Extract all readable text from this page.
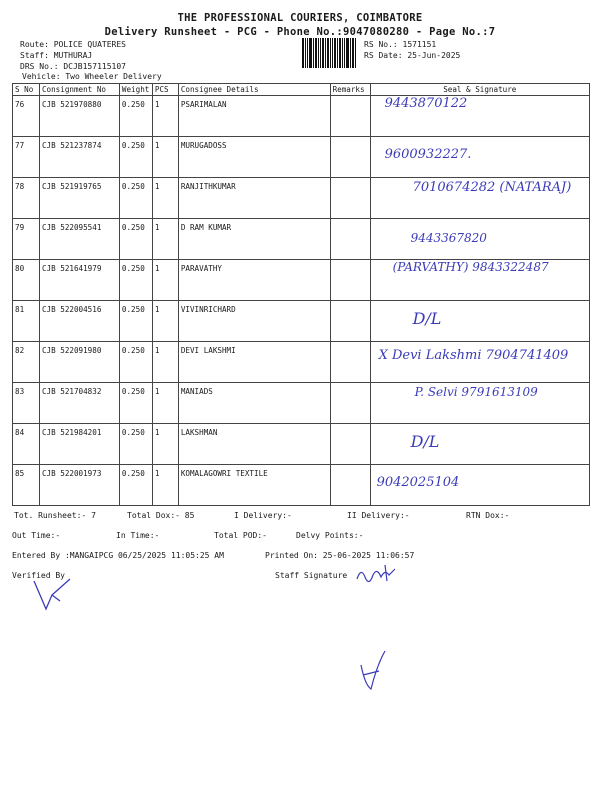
THE PROFESSIONAL COURIERS, COIMBATORE
Delivery Runsheet - PCG - Phone No.:9047080280 - Page No.:7
Route: POLICE QUATERES
Staff: MUTHURAJ
DRS No.: DCJB157115107
Vehicle: Two Wheeler Delivery
RS No.: 1571151
RS Date: 25-Jun-2025
S No	Consignment No	Weight	PCS	Consignee Details	Remarks	Seal & Signature
76	CJB 521970880	0.250	1	PSARIMALAN		9443870122

77	CJB 521237874	0.250	1	MURUGADOSS		9600932227.

78	CJB 521919765	0.250	1	RANJITHKUMAR		7010674282 (NATARAJ)

79	CJB 522095541	0.250	1	D RAM KUMAR		9443367820

80	CJB 521641979	0.250	1	PARAVATHY		(PARVATHY) 9843322487

81	CJB 522004516	0.250	1	VIVINRICHARD		D/L

82	CJB 522091980	0.250	1	DEVI LAKSHMI		X Devi Lakshmi 7904741409

83	CJB 521704832	0.250	1	MANIADS		P. Selvi 9791613109

84	CJB 521984201	0.250	1	LAKSHMAN		D/L

85	CJB 522001973	0.250	1	KOMALAGOWRI TEXTILE		9042025104
Tot. Runsheet:- 7	Total Dox:- 85	I Delivery:-	II Delivery:-	RTN Dox:-
Out Time:-	In Time:-	Total POD:-	Delvy Points:-
Entered By :MANGAIPCG 06/25/2025 11:05:25 AM	Printed On: 25-06-2025 11:06:57
Verified By	Staff Signature
